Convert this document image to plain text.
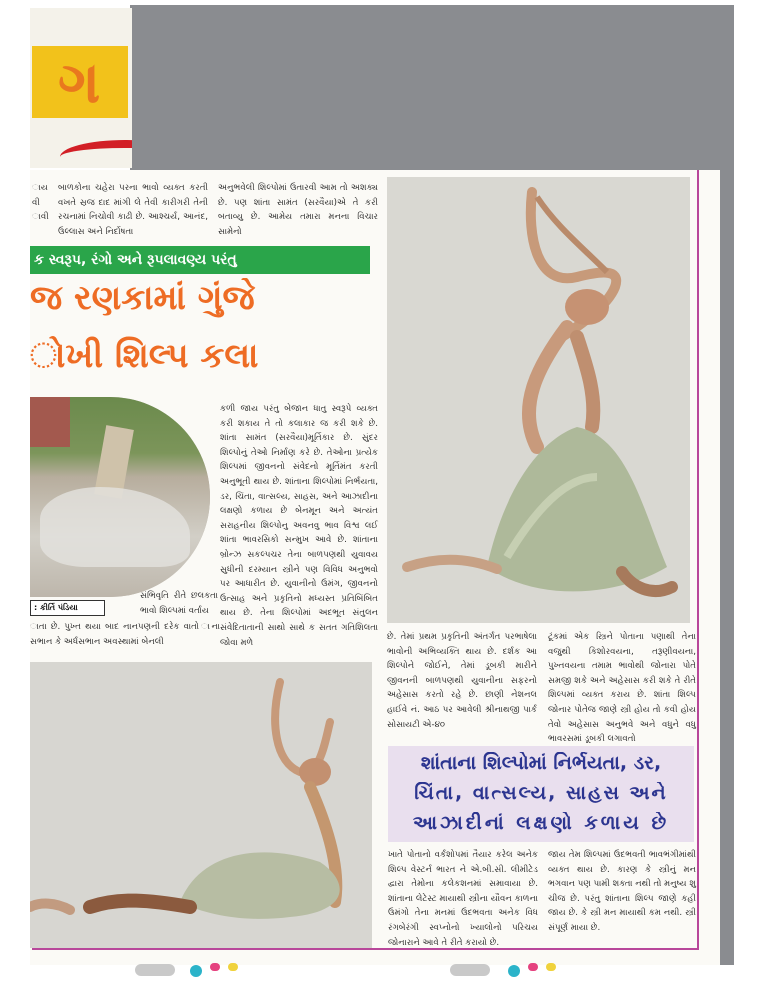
ગ
ાય
વી
ાવી
બાળકોના ચહેરા પરના ભાવો વ્યક્ત કરતી વખતે સ્રજ દાદ માંગી લે તેવી કારીગરી તેની રચનામાં નિચોવી કાઢી છે. આશ્ચર્ય, આનંદ, ઉલ્લાસ અને નિર્દોષતા
અનુભવેલી શિલ્પોમાં ઉતારવી આમ તો અશક્ય છે. પણ શાંતા સામંત (સરવૈયા)એ તે કરી બતાવ્યુ છે. આમેય તમારા મનના વિચાર સામેનો
ક સ્વરૂપ, રંગો અને રૂપલાવણ્ય પરંતુ
જ રણકામાં ગુંજે
ોખી શિલ્પ કલા
: કીર્તિ પંડિયા
સંભિવૃતિ રીતે છલકતા ભાવો શિલ્પમાં વર્તાય
ાતા છે. પુખ્ત થયા બાદ નાનપણની દરેક વાતો ાના સભાન કે અર્ધસભાન અવસ્થામાં બેનલી
કળી જાય પરંતુ બેજાન ધાતુ સ્વરૂપે વ્યક્ત કરી શકાય તે તો કલાકાર જ કરી શકે છે. શાંતા સામંત (સરવૈયા)મૂર્તિકાર છે. સુંદર શિલ્પોનું તેઓ નિર્માણ કરે છે. તેઓના પ્રત્યેક શિલ્પમાં જીવનનો સંવેદનો મૂર્તિમંત કરતી અનુભૂતી થાય છે. શાંતાના શિલ્પોમાં નિર્ભયતા, ડર, ચિંતા, વાત્સલ્ય, સાહસ, અને આઝાદીના લક્ષણો કળાય છે બેનમૂન અને અત્યંત સરાહનીય શિલ્પોનુ અવનવુ ભાવ વિશ્વ લઈ શાંતા ભાવરસિકો સન્મુખ આવે છે. શાંતાના બ્રોન્ઝ સકલ્પચર તેના બાળપણથી યુવાવય સુધીની દરમ્યાન સ્ત્રીને પણ વિવિધ અનુભવો પર આધારીત છે. યુવાનીનો ઉમંગ, જીવનનો ઉત્સાહ અને પ્રકૃતિનો મધ્યસ્ત પ્રતિબિંબિત થાય છે. તેના શિલ્પોમાં અદભૂત સંતુલન સંવેદિતાતાની સાથો સાથે ક સતત ગતિશિલતા જોવા મળે
છે. તેમાં પ્રથમ પ્રકૃતિની અંતર્ગત પરભાષેલા ભાવોની અભિવ્યક્તિ થાય છે. દર્શક આ શિલ્પોને જોઈને, તેમાં ડૂબકી મારીને જીવનની બાળપણથી યુવાનીના સફરનો અહેસાસ કરતો રહે છે. છાણી નેશનલ હાઈવે નં. આઠ પર આવેલી શ્રીનાથજી પાર્ક સોસાયટી એ-૪૦
ટૂંકમાં એક સ્ત્રિને પોતાના પણાથી તેના વજુથી કિશોરવયના, તરૂણીવયના, પુખ્તવયના તમામ ભાવોથી જોનારા પોતે સમજી શકે અને અહેસાસ કરી શકે તે રીતે શિલ્પમાં વ્યક્ત કરાય છે. શાંતા શિલ્પ જોનાર પોતેજ જાણે સ્ત્રી હોય તો કવી હોય તેવો અહેસાસ અનુભવે અને વધુને વધુ ભાવરસમાં ડૂબકી લગાવતો
શાંતાના શિલ્પોમાં નિર્ભયતા, ડર,
ચિંતા, વાત્સલ્ય, સાહસ અને
આઝાદીનાં લક્ષણો કળાય છે
ખાતે પોતાનો વર્કશોપમાં તૈયાર કરેલ અનેક શિલ્પ વેસ્ટર્ન ભારત ને એ.બી.સી. લીમીટેડ દ્વારા તેમોના કલેકશનમાં સમાવાયા છે. શાંતાના લેટેસ્ટ માયાથી સ્ત્રીના યૌવન કાળના ઉમંગો તેના મનમાં ઉદભવતા અનેક વિધ રંગબેરંગી સ્વપ્નોનો ખ્યાલોનો પરિચય જોનારાને આવે તે રીતે કરાયો છે.
જાય તેમ શિલ્પમાં ઉદભવતી ભાવભંગીમાંથી વ્યક્ત થાય છે. કારણ કે સ્ત્રીનું મન ભગવાન પણ પામી શક્તા નથી તો મનુષ્ય શુ ચીજ છે. પરંતુ શાંતાના શિલ્પ જાણે કહી જાય છે. કે સ્ત્રી મન માયાથી કમ નથી. સ્ત્રી સંપૂર્ણ માયા છે.
